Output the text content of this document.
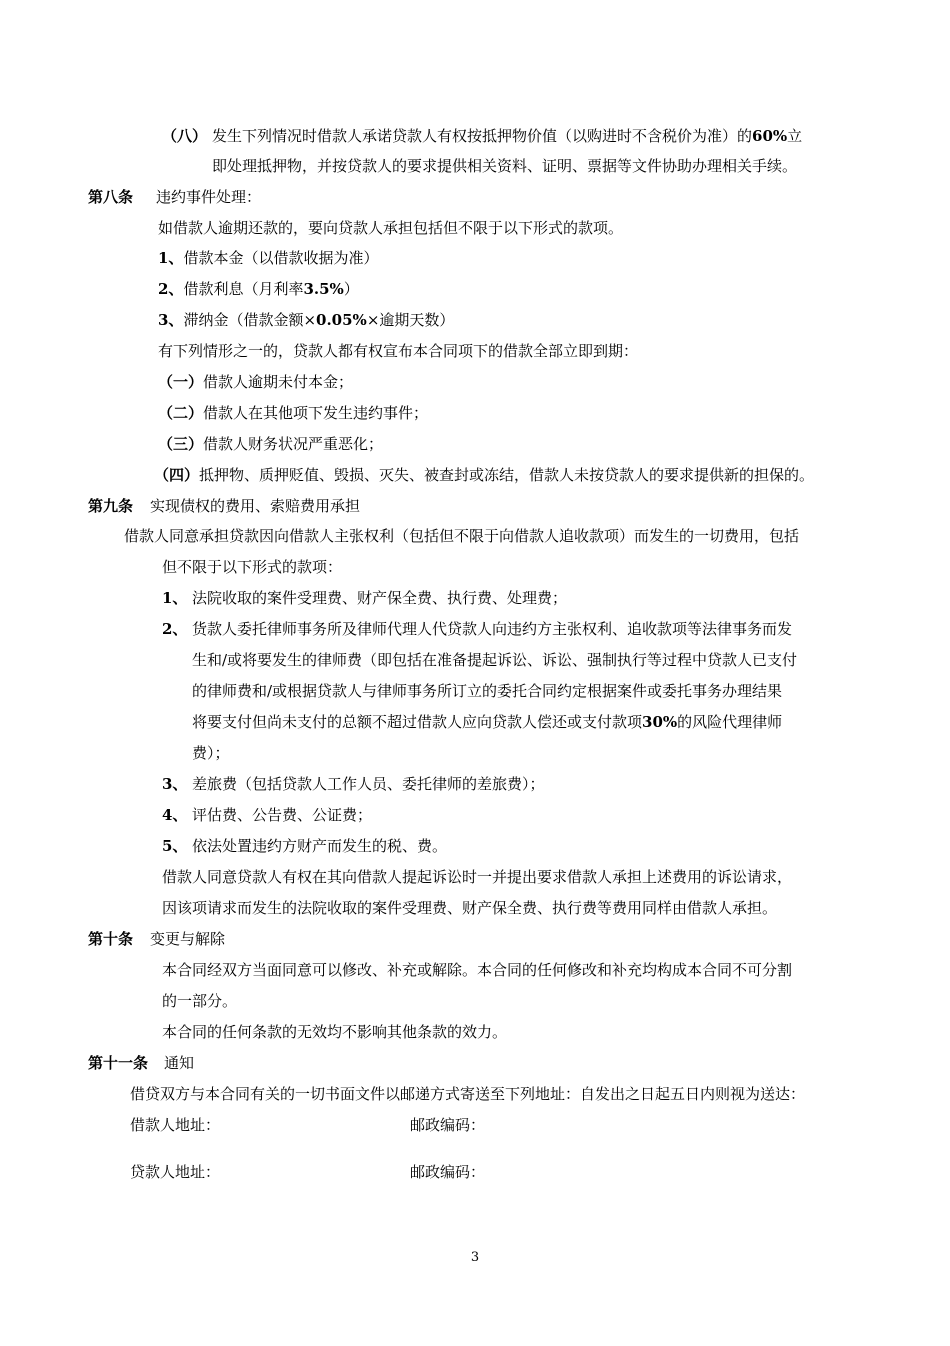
（八） 发生下列情况时借款人承诺贷款人有权按抵押物价值（以购进时不含税价为准）的60%立
即处理抵押物，并按贷款人的要求提供相关资料、证明、票据等文件协助办理相关手续。
第八条 违约事件处理：
如借款人逾期还款的，要向贷款人承担包括但不限于以下形式的款项。
1、借款本金（以借款收据为准）
2、借款利息（月利率3.5%）
3、滞纳金（借款金额×0.05%×逾期天数）
有下列情形之一的，贷款人都有权宣布本合同项下的借款全部立即到期：
（一）借款人逾期未付本金；
（二）借款人在其他项下发生违约事件；
（三）借款人财务状况严重恶化；
（四）抵押物、质押贬值、毁损、灭失、被查封或冻结，借款人未按贷款人的要求提供新的担保的。
第九条 实现债权的费用、索赔费用承担
借款人同意承担贷款因向借款人主张权利（包括但不限于向借款人追收款项）而发生的一切费用，包括
但不限于以下形式的款项：
1、 法院收取的案件受理费、财产保全费、执行费、处理费；
2、 货款人委托律师事务所及律师代理人代贷款人向违约方主张权利、追收款项等法律事务而发
生和/或将要发生的律师费（即包括在准备提起诉讼、诉讼、强制执行等过程中贷款人已支付
的律师费和/或根据贷款人与律师事务所订立的委托合同约定根据案件或委托事务办理结果
将要支付但尚未支付的总额不超过借款人应向贷款人偿还或支付款项30%的风险代理律师
费）；
3、 差旅费（包括贷款人工作人员、委托律师的差旅费）；
4、 评估费、公告费、公证费；
5、 依法处置违约方财产而发生的税、费。
借款人同意贷款人有权在其向借款人提起诉讼时一并提出要求借款人承担上述费用的诉讼请求，
因该项请求而发生的法院收取的案件受理费、财产保全费、执行费等费用同样由借款人承担。
第十条 变更与解除
本合同经双方当面同意可以修改、补充或解除。本合同的任何修改和补充均构成本合同不可分割
的一部分。
本合同的任何条款的无效均不影响其他条款的效力。
第十一条 通知
借贷双方与本合同有关的一切书面文件以邮递方式寄送至下列地址：自发出之日起五日内则视为送达：
借款人地址：	邮政编码：
贷款人地址：	邮政编码：
3
